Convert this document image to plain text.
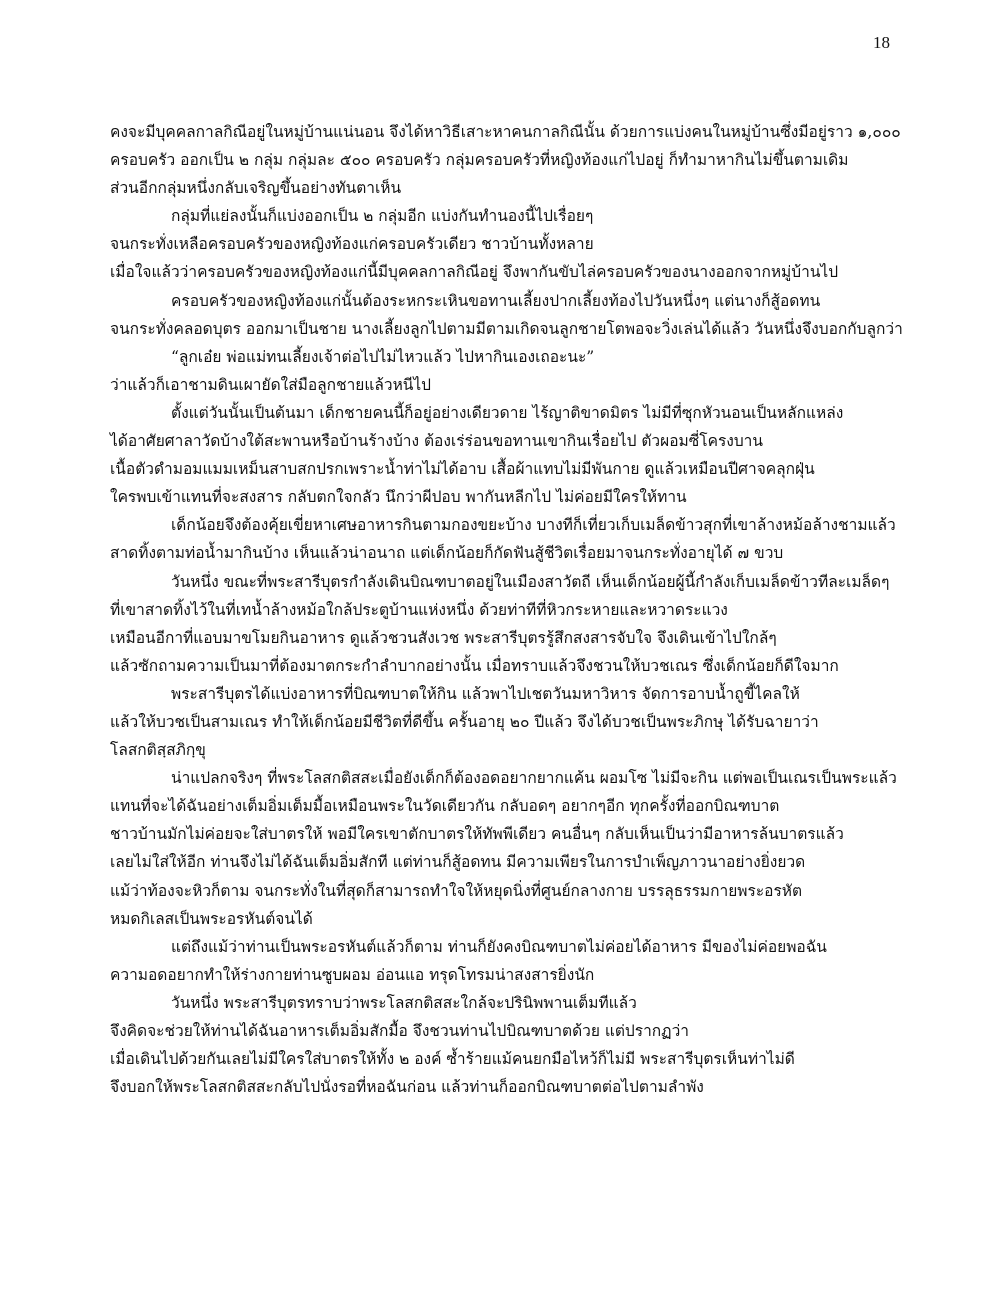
18
คงจะมีบุคคลกาลกิณีอยู่ในหมู่บ้านแน่นอน จึงได้หาวิธีเสาะหาคนกาลกิณีนั้น ด้วยการแบ่งคนในหมู่บ้านซึ่งมีอยู่ราว ๑,๐๐๐
ครอบครัว ออกเป็น ๒ กลุ่ม กลุ่มละ ๕๐๐ ครอบครัว กลุ่มครอบครัวที่หญิงท้องแก่ไปอยู่ ก็ทำมาหากินไม่ขึ้นตามเดิม
ส่วนอีกกลุ่มหนึ่งกลับเจริญขึ้นอย่างทันตาเห็น
กลุ่มที่แย่ลงนั้นก็แบ่งออกเป็น ๒ กลุ่มอีก แบ่งกันทำนองนี้ไปเรื่อยๆ
จนกระทั่งเหลือครอบครัวของหญิงท้องแก่ครอบครัวเดียว ชาวบ้านทั้งหลาย
เมื่อใจแล้วว่าครอบครัวของหญิงท้องแก่นี้มีบุคคลกาลกิณีอยู่ จึงพากันขับไล่ครอบครัวของนางออกจากหมู่บ้านไป
ครอบครัวของหญิงท้องแก่นั้นต้องระหกระเหินขอทานเลี้ยงปากเลี้ยงท้องไปวันหนึ่งๆ แต่นางก็สู้อดทน
จนกระทั่งคลอดบุตร ออกมาเป็นชาย นางเลี้ยงลูกไปตามมีตามเกิดจนลูกชายโตพอจะวิ่งเล่นได้แล้ว วันหนึ่งจึงบอกกับลูกว่า
“ลูกเอ๋ย พ่อแม่ทนเลี้ยงเจ้าต่อไปไม่ไหวแล้ว ไปหากินเองเถอะนะ”
ว่าแล้วก็เอาชามดินเผายัดใส่มือลูกชายแล้วหนีไป
ตั้งแต่วันนั้นเป็นต้นมา เด็กชายคนนี้ก็อยู่อย่างเดียวดาย ไร้ญาติขาดมิตร ไม่มีที่ซุกหัวนอนเป็นหลักแหล่ง
ได้อาศัยศาลาวัดบ้างใต้สะพานหรือบ้านร้างบ้าง ต้องเร่ร่อนขอทานเขากินเรื่อยไป ตัวผอมซี่โครงบาน
เนื้อตัวดำมอมแมมเหม็นสาบสกปรกเพราะน้ำท่าไม่ได้อาบ เสื้อผ้าแทบไม่มีพันกาย ดูแล้วเหมือนปีศาจคลุกฝุ่น
ใครพบเข้าแทนที่จะสงสาร กลับตกใจกลัว นึกว่าผีปอบ พากันหลีกไป ไม่ค่อยมีใครให้ทาน
เด็กน้อยจึงต้องคุ้ยเขี่ยหาเศษอาหารกินตามกองขยะบ้าง บางทีก็เที่ยวเก็บเมล็ดข้าวสุกที่เขาล้างหม้อล้างชามแล้ว
สาดทิ้งตามท่อน้ำมากินบ้าง เห็นแล้วน่าอนาถ แต่เด็กน้อยก็กัดฟันสู้ชีวิตเรื่อยมาจนกระทั่งอายุได้ ๗ ขวบ
วันหนึ่ง ขณะที่พระสารีบุตรกำลังเดินบิณฑบาตอยู่ในเมืองสาวัตถี เห็นเด็กน้อยผู้นี้กำลังเก็บเมล็ดข้าวทีละเมล็ดๆ
ที่เขาสาดทิ้งไว้ในที่เทน้ำล้างหม้อใกล้ประตูบ้านแห่งหนึ่ง ด้วยท่าทีที่หิวกระหายและหวาดระแวง
เหมือนอีกาที่แอบมาขโมยกินอาหาร ดูแล้วชวนสังเวช พระสารีบุตรรู้สึกสงสารจับใจ จึงเดินเข้าไปใกล้ๆ
แล้วซักถามความเป็นมาที่ต้องมาตกระกำลำบากอย่างนั้น เมื่อทราบแล้วจึงชวนให้บวชเณร ซึ่งเด็กน้อยก็ดีใจมาก
พระสารีบุตรได้แบ่งอาหารที่บิณฑบาตให้กิน แล้วพาไปเชตวันมหาวิหาร จัดการอาบน้ำถูขี้ไคลให้
แล้วให้บวชเป็นสามเณร ทำให้เด็กน้อยมีชีวิตที่ดีขึ้น ครั้นอายุ ๒๐ ปีแล้ว จึงได้บวชเป็นพระภิกษุ ได้รับฉายาว่า
โลสกติสฺสภิกฺขุ
น่าแปลกจริงๆ ที่พระโลสกติสสะเมื่อยังเด็กก็ต้องอดอยากยากแค้น ผอมโซ ไม่มีจะกิน แต่พอเป็นเณรเป็นพระแล้ว
แทนที่จะได้ฉันอย่างเต็มอิ่มเต็มมื้อเหมือนพระในวัดเดียวกัน กลับอดๆ อยากๆอีก ทุกครั้งที่ออกบิณฑบาต
ชาวบ้านมักไม่ค่อยจะใส่บาตรให้ พอมีใครเขาตักบาตรให้ทัพพีเดียว คนอื่นๆ กลับเห็นเป็นว่ามีอาหารล้นบาตรแล้ว
เลยไม่ใส่ให้อีก ท่านจึงไม่ได้ฉันเต็มอิ่มสักที แต่ท่านก็สู้อดทน มีความเพียรในการบำเพ็ญภาวนาอย่างยิ่งยวด
แม้ว่าท้องจะหิวก็ตาม จนกระทั่งในที่สุดก็สามารถทำใจให้หยุดนิ่งที่ศูนย์กลางกาย บรรลุธรรมกายพระอรหัต
หมดกิเลสเป็นพระอรหันต์จนได้
แต่ถึงแม้ว่าท่านเป็นพระอรหันต์แล้วก็ตาม ท่านก็ยังคงบิณฑบาตไม่ค่อยได้อาหาร มีของไม่ค่อยพอฉัน
ความอดอยากทำให้ร่างกายท่านซูบผอม อ่อนแอ ทรุดโทรมน่าสงสารยิ่งนัก
วันหนึ่ง พระสารีบุตรทราบว่าพระโลสกติสสะใกล้จะปรินิพพานเต็มทีแล้ว
จึงคิดจะช่วยให้ท่านได้ฉันอาหารเต็มอิ่มสักมื้อ จึงชวนท่านไปบิณฑบาตด้วย แต่ปรากฏว่า
เมื่อเดินไปด้วยกันเลยไม่มีใครใส่บาตรให้ทั้ง ๒ องค์ ซ้ำร้ายแม้คนยกมือไหว้ก็ไม่มี พระสารีบุตรเห็นท่าไม่ดี
จึงบอกให้พระโลสกติสสะกลับไปนั่งรอที่หอฉันก่อน แล้วท่านก็ออกบิณฑบาตต่อไปตามลำพัง
